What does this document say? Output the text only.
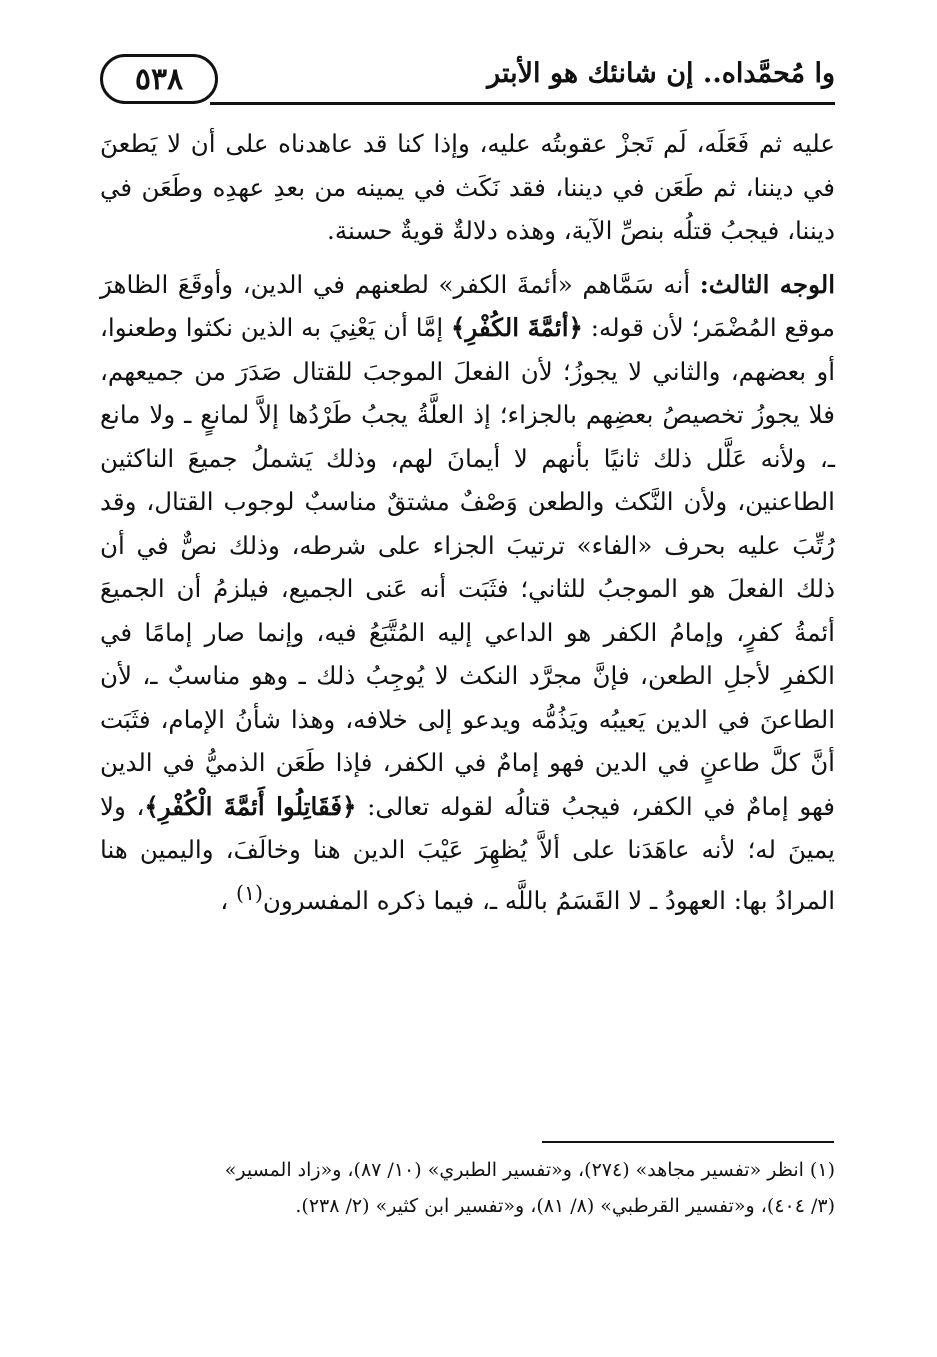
٥٣٨	وا مُحمَّداه.. إن شانئك هو الأبتر

عليه ثم فَعَلَه، لَم تَجزْ عقوبتُه عليه، وإذا كنا قد عاهدناه على أن لا يَطعنَ في ديننا، ثم طَعَن في ديننا، فقد نَكَث في يمينه من بعدِ عهدِه وطَعَن في ديننا، فيجبُ قتلُه بنصِّ الآية، وهذه دلالةٌ قويةٌ حسنة.

الوجه الثالث: أنه سَمَّاهم «أئمةَ الكفر» لطعنهم في الدين، وأوقَعَ الظاهرَ موقع المُضْمَر؛ لأن قوله: ﴿أئمَّةَ الكُفْرِ﴾ إمَّا أن يَعْنِيَ به الذين نكثوا وطعنوا، أو بعضهم، والثاني لا يجوزُ؛ لأن الفعلَ الموجبَ للقتال صَدَرَ من جميعهم، فلا يجوزُ تخصيصُ بعضِهم بالجزاء؛ إذ العلَّةُ يجبُ طَرْدُها إلاَّ لمانعٍ ـ ولا مانع ـ، ولأنه عَلَّل ذلك ثانيًا بأنهم لا أيمانَ لهم، وذلك يَشملُ جميعَ الناكثين الطاعنين، ولأن النَّكث والطعن وَصْفٌ مشتقٌ مناسبٌ لوجوب القتال، وقد رُتِّبَ عليه بحرف «الفاء» ترتيبَ الجزاء على شرطه، وذلك نصٌّ في أن ذلك الفعلَ هو الموجبُ للثاني؛ فثَبَت أنه عَنى الجميع، فيلزمُ أن الجميعَ أئمةُ كفرٍ، وإمامُ الكفر هو الداعي إليه المُتَّبَعُ فيه، وإنما صار إمامًا في الكفرِ لأجلِ الطعن، فإنَّ مجرَّد النكث لا يُوجِبُ ذلك ـ وهو مناسبٌ ـ، لأن الطاعنَ في الدين يَعيبُه ويَذُمُّه ويدعو إلى خلافه، وهذا شأنُ الإمام، فثَبَت أنَّ كلَّ طاعنٍ في الدين فهو إمامٌ في الكفر، فإذا طَعَن الذميُّ في الدين فهو إمامٌ في الكفر، فيجبُ قتالُه لقوله تعالى: ﴿فَقَاتِلُوا أَئمَّةَ الْكُفْرِ﴾، ولا يمينَ له؛ لأنه عاهَدَنا على ألاَّ يُظهِرَ عَيْبَ الدين هنا وخالَفَ، واليمين هنا المرادُ بها: العهودُ ـ لا القَسَمُ باللَّه ـ، فيما ذكره المفسرون$^{(١)}$ ،

(١) انظر «تفسير مجاهد» (٢٧٤)، و«تفسير الطبري» (١٠/ ٨٧)، و«زاد المسير»
(٣/ ٤٠٤)، و«تفسير القرطبي» (٨/ ٨١)، و«تفسير ابن كثير» (٢/ ٢٣٨).
